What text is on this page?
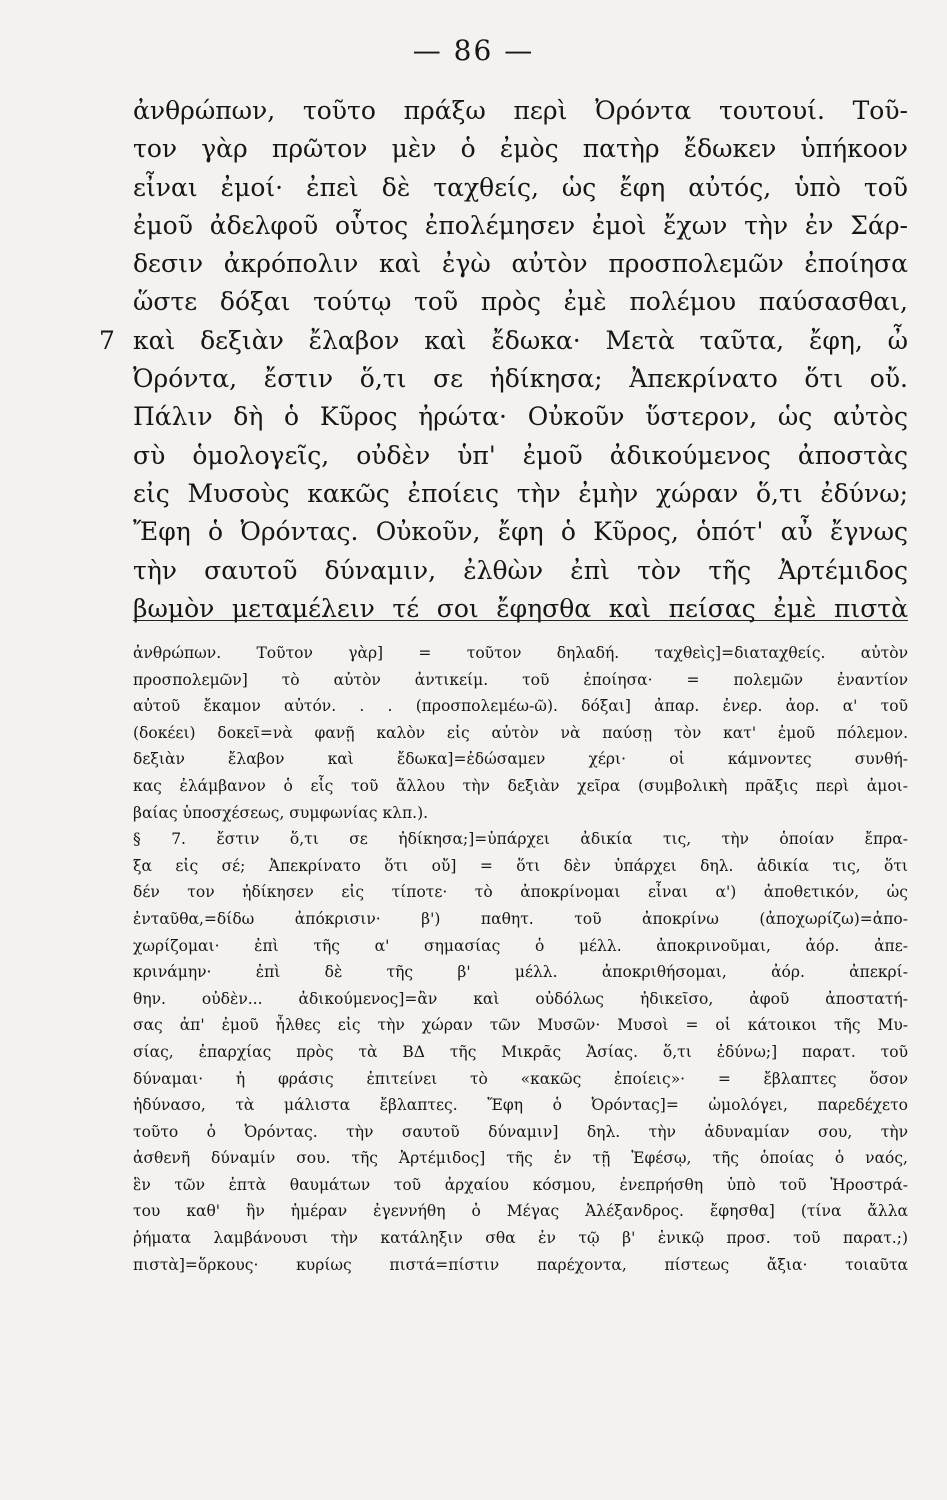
— 86 —
ἀνθρώπων, τοῦτο πράξω περὶ Ὀρόντα τουτουί. Τοῦ-
τον γὰρ πρῶτον μὲν ὁ ἐμὸς πατὴρ ἔδωκεν ὑπήκοον
εἶναι ἐμοί· ἐπεὶ δὲ ταχθείς, ὡς ἔφη αὐτός, ὑπὸ τοῦ
ἐμοῦ ἀδελφοῦ οὗτος ἐπολέμησεν ἐμοὶ ἔχων τὴν ἐν Σάρ-
δεσιν ἀκρόπολιν καὶ ἐγὼ αὐτὸν προσπολεμῶν ἐποίησα
ὥστε δόξαι τούτῳ τοῦ πρὸς ἐμὲ πολέμου παύσασθαι,
7 καὶ δεξιὰν ἔλαβον καὶ ἔδωκα· Μετὰ ταῦτα, ἔφη, ὦ
Ὀρόντα, ἔστιν ὅ,τι σε ἠδίκησα; Ἀπεκρίνατο ὅτι οὔ.
Πάλιν δὴ ὁ Κῦρος ἠρώτα· Οὐκοῦν ὕστερον, ὡς αὐτὸς
σὺ ὁμολογεῖς, οὐδὲν ὑπ' ἐμοῦ ἀδικούμενος ἀποστὰς
εἰς Μυσοὺς κακῶς ἐποίεις τὴν ἐμὴν χώραν ὅ,τι ἐδύνω;
Ἔφη ὁ Ὀρόντας. Οὐκοῦν, ἔφη ὁ Κῦρος, ὁπότ' αὖ ἔγνως
τὴν σαυτοῦ δύναμιν, ἐλθὼν ἐπὶ τὸν τῆς Ἀρτέμιδος
βωμὸν μεταμέλειν τέ σοι ἔφησθα καὶ πείσας ἐμὲ πιστὰ
ἀνθρώπων. Τοῦτον γὰρ] = τοῦτον δηλαδή. ταχθεὶς]=διαταχθείς. αὐτὸν
προσπολεμῶν] τὸ αὐτὸν ἀντικείμ. τοῦ ἐποίησα· = πολεμῶν ἐναντίον
αὐτοῦ ἔκαμον αὐτόν. . . (προσπολεμέω-ῶ). δόξαι] ἀπαρ. ἐνερ. ἀορ. α' τοῦ
(δοκέει) δοκεῖ=νὰ φανῇ καλὸν εἰς αὐτὸν νὰ παύσῃ τὸν κατ' ἐμοῦ πόλεμον.
δεξιὰν ἔλαβον καὶ ἔδωκα]=ἐδώσαμεν χέρι· οἱ κάμνοντες συνθή-
κας ἐλάμβανον ὁ εἷς τοῦ ἄλλου τὴν δεξιὰν χεῖρα (συμβολικὴ πρᾶξις περὶ ἀμοι-
βαίας ὑποσχέσεως, συμφωνίας κλπ.).
§ 7. ἔστιν ὅ,τι σε ἠδίκησα;]=ὑπάρχει ἀδικία τις, τὴν ὁποίαν ἔπρα-
ξα εἰς σέ; Ἀπεκρίνατο ὅτι οὔ] = ὅτι δὲν ὑπάρχει δηλ. ἀδικία τις, ὅτι
δέν τον ἠδίκησεν εἰς τίποτε· τὸ ἀποκρίνομαι εἶναι α') ἀποθετικόν, ὡς
ἐνταῦθα,=δίδω ἀπόκρισιν· β') παθητ. τοῦ ἀποκρίνω (ἀποχωρίζω)=ἀπο-
χωρίζομαι· ἐπὶ τῆς α' σημασίας ὁ μέλλ. ἀποκρινοῦμαι, ἀόρ. ἀπε-
κρινάμην· ἐπὶ δὲ τῆς β' μέλλ. ἀποκριθήσομαι, ἀόρ. ἀπεκρί-
θην. οὐδὲν... ἀδικούμενος]=ἂν καὶ οὐδόλως ἠδικεῖσο, ἀφοῦ ἀποστατή-
σας ἀπ' ἐμοῦ ἦλθες εἰς τὴν χώραν τῶν Μυσῶν· Μυσοὶ = οἱ κάτοικοι τῆς Μυ-
σίας, ἐπαρχίας πρὸς τὰ ΒΔ τῆς Μικρᾶς Ἀσίας. ὅ,τι ἐδύνω;] παρατ. τοῦ
δύναμαι· ἡ φράσις ἐπιτείνει τὸ «κακῶς ἐποίεις»· = ἔβλαπτες ὅσον
ἠδύνασο, τὰ μάλιστα ἔβλαπτες. Ἔφη ὁ Ὀρόντας]= ὡμολόγει, παρεδέχετο
τοῦτο ὁ Ὀρόντας. τὴν σαυτοῦ δύναμιν] δηλ. τὴν ἀδυναμίαν σου, τὴν
ἀσθενῆ δύναμίν σου. τῆς Ἀρτέμιδος] τῆς ἐν τῇ Ἐφέσῳ, τῆς ὁποίας ὁ ναός,
ἓν τῶν ἑπτὰ θαυμάτων τοῦ ἀρχαίου κόσμου, ἐνεπρήσθη ὑπὸ τοῦ Ἡροστρά-
του καθ' ἣν ἡμέραν ἐγεννήθη ὁ Μέγας Ἀλέξανδρος. ἔφησθα] (τίνα ἄλλα
ῥήματα λαμβάνουσι τὴν κατάληξιν σθα ἐν τῷ β' ἑνικῷ προσ. τοῦ παρατ.;)
πιστὰ]=ὅρκους· κυρίως πιστά=πίστιν παρέχοντα, πίστεως ἄξια· τοιαῦτα
